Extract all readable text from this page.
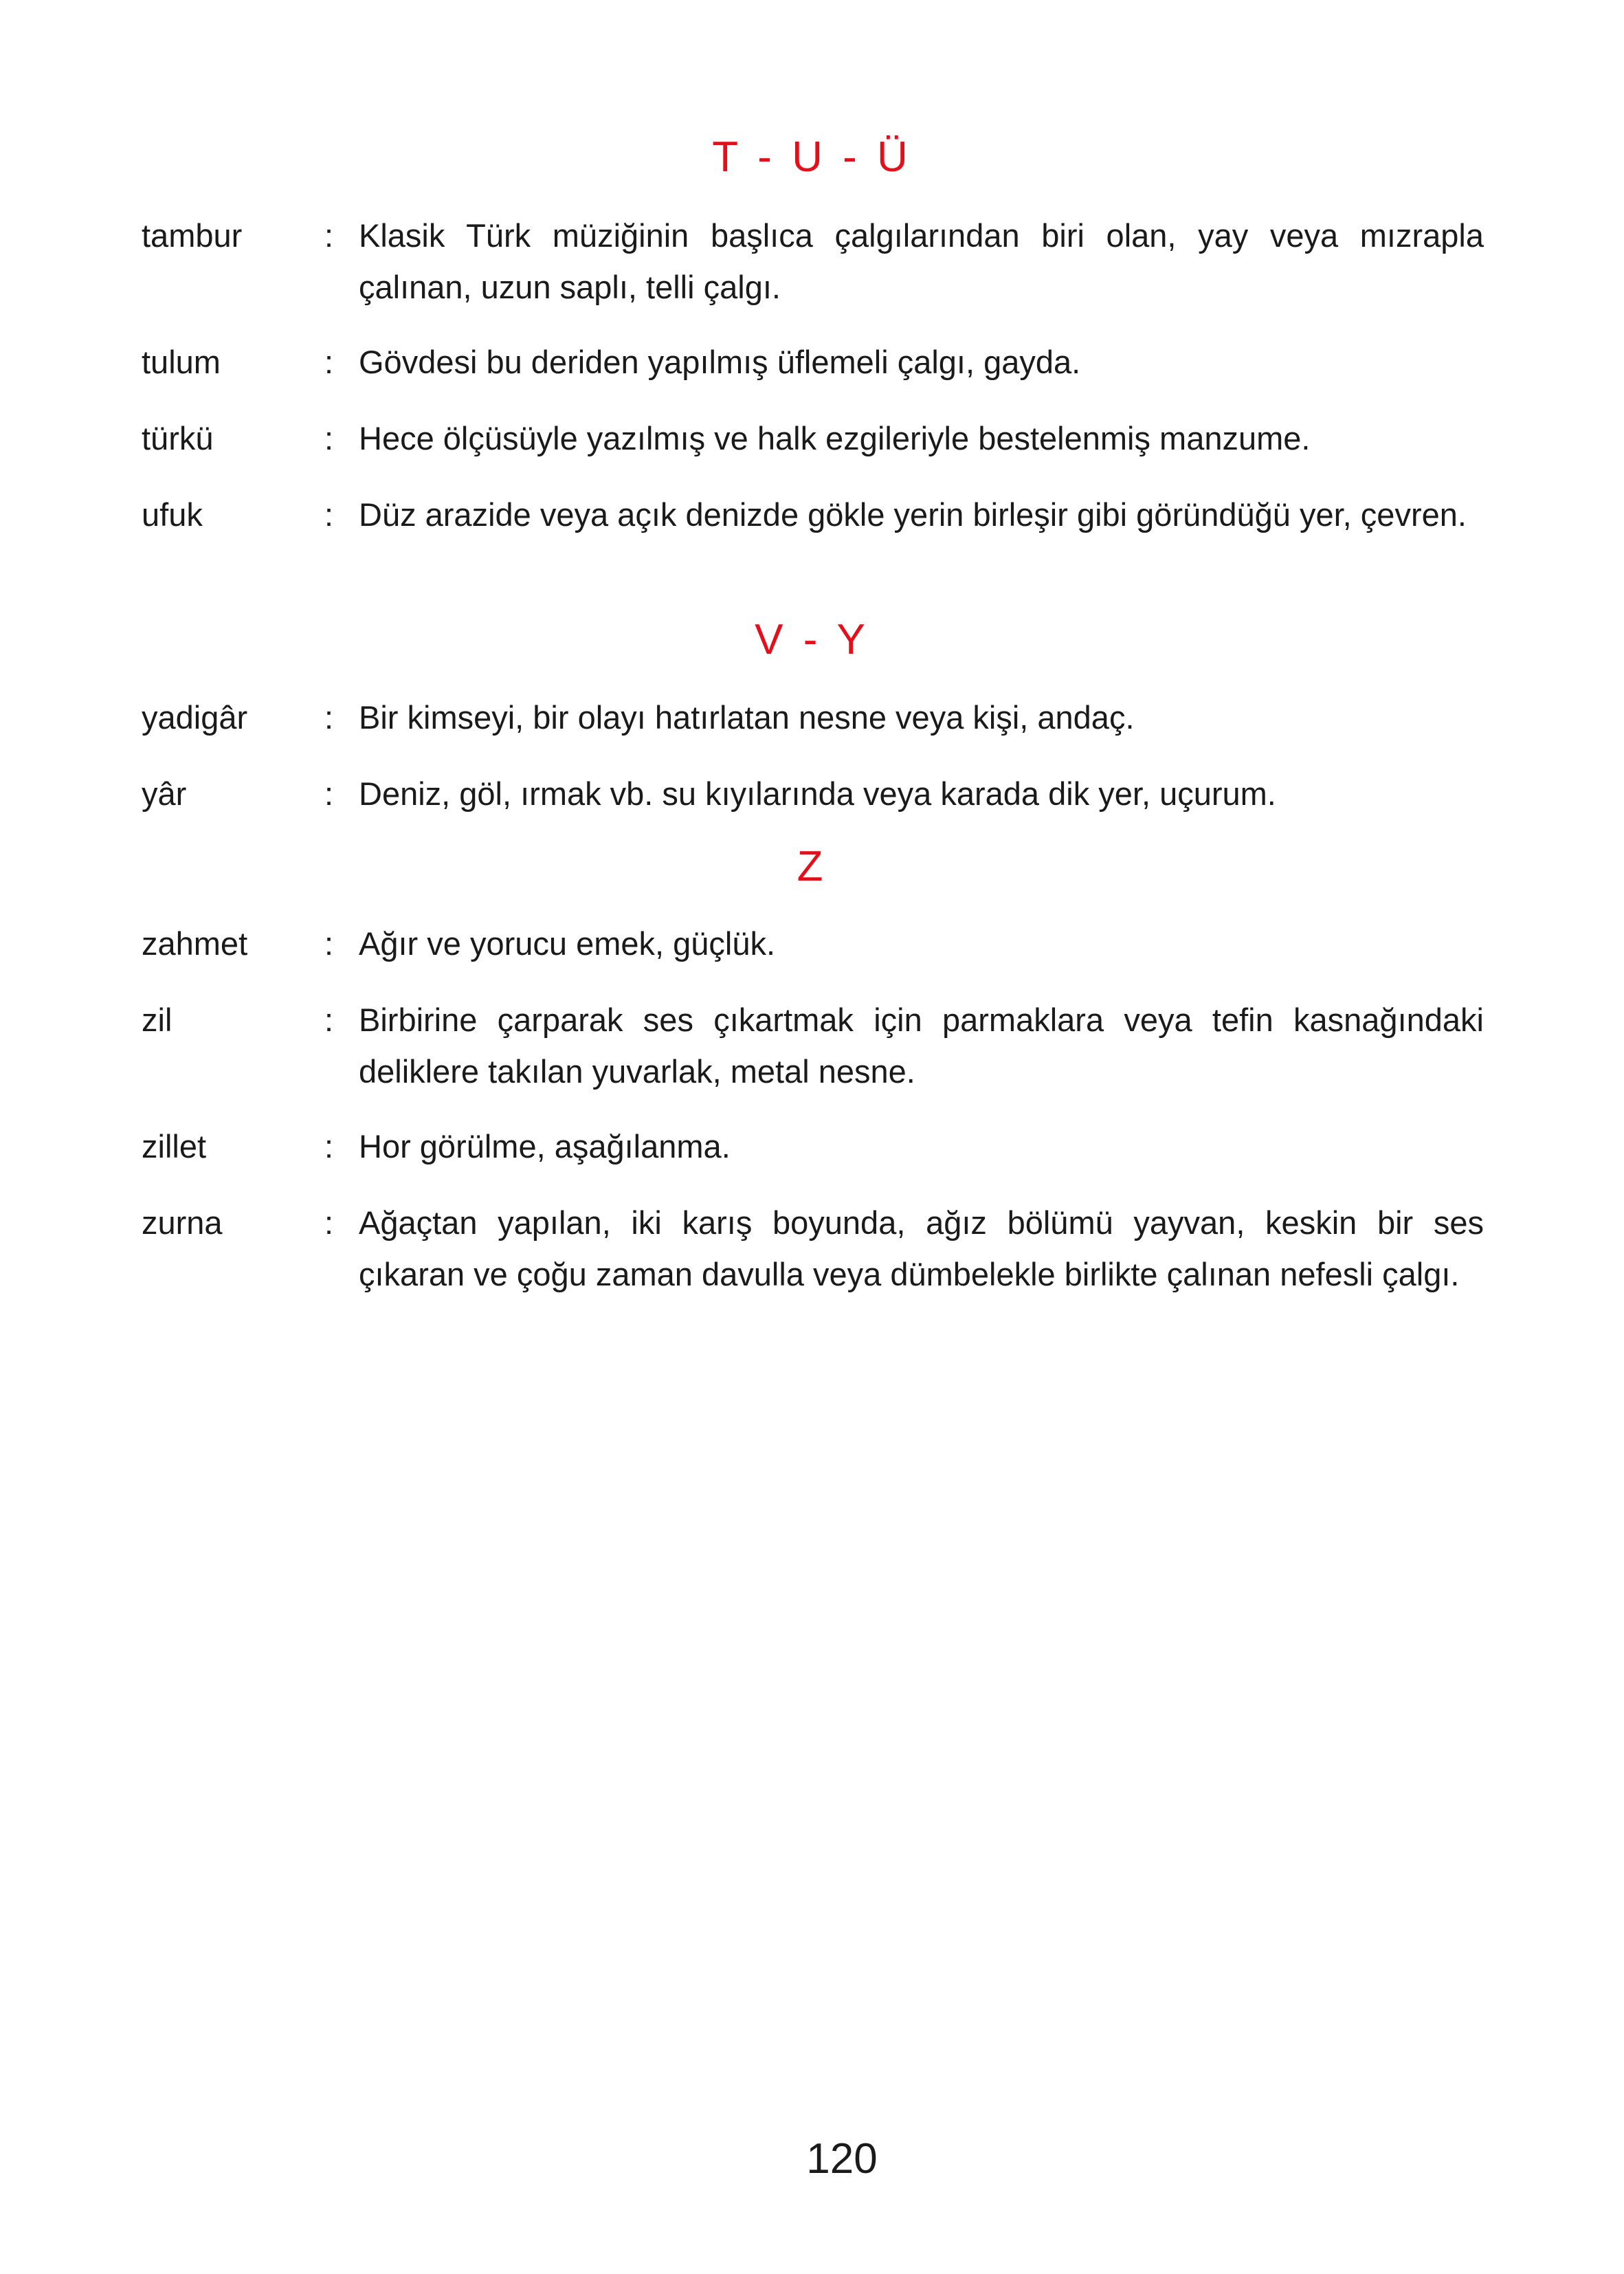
T - U - Ü
tambur	: Klasik Türk müziğinin başlıca çalgılarından biri olan, yay veya mızrapla çalınan, uzun saplı, telli çalgı.
tulum	: Gövdesi bu deriden yapılmış üflemeli çalgı, gayda.
türkü	: Hece ölçüsüyle yazılmış ve halk ezgileriyle bestelenmiş manzume.
ufuk	: Düz arazide veya açık denizde gökle yerin birleşir gibi göründüğü yer, çevren.
V - Y
yadigâr : Bir kimseyi, bir olayı hatırlatan nesne veya kişi, andaç.
yâr	: Deniz, göl, ırmak vb. su kıyılarında veya karada dik yer, uçurum.
Z
zahmet : Ağır ve yorucu emek, güçlük.
zil	: Birbirine çarparak ses çıkartmak için parmaklara veya tefin kasnağındaki deliklere takılan yuvarlak, metal nesne.
zillet	: Hor görülme, aşağılanma.
zurna	: Ağaçtan yapılan, iki karış boyunda, ağız bölümü yayvan, keskin bir ses çıkaran ve çoğu zaman davulla veya dümbelekle birlikte çalınan nefesli çalgı.
120
